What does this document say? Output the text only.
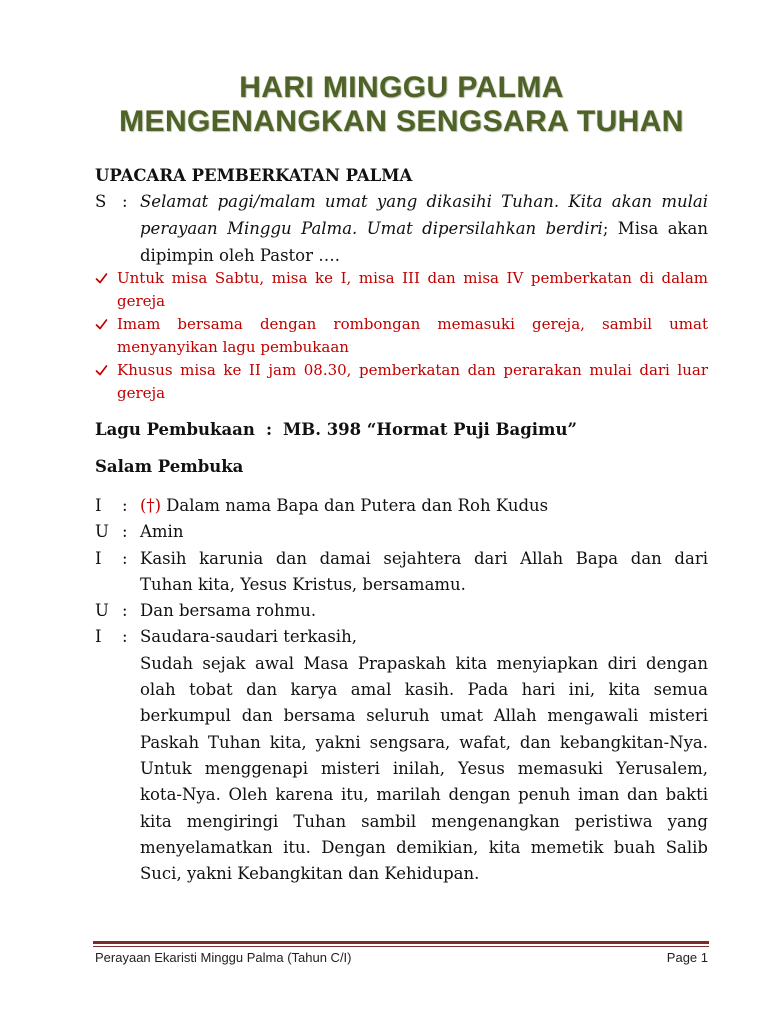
HARI MINGGU PALMA
MENGENANGKAN SENGSARA TUHAN
UPACARA PEMBERKATAN PALMA
S : Selamat pagi/malam umat yang dikasihi Tuhan. Kita akan mulai
perayaan Minggu Palma. Umat dipersilahkan berdiri; Misa akan
dipimpin oleh Pastor ….
Untuk misa Sabtu, misa ke I, misa III dan misa IV pemberkatan di dalam
gereja
Imam bersama dengan rombongan memasuki gereja, sambil umat
menyanyikan lagu pembukaan
Khusus misa ke II jam 08.30, pemberkatan dan perarakan mulai dari luar
gereja
Lagu Pembukaan : MB. 398 “Hormat Puji Bagimu”
Salam Pembuka
I : (†) Dalam nama Bapa dan Putera dan Roh Kudus
U : Amin
I : Kasih karunia dan damai sejahtera dari Allah Bapa dan dari
Tuhan kita, Yesus Kristus, bersamamu.
U : Dan bersama rohmu.
I : Saudara-saudari terkasih,
Sudah sejak awal Masa Prapaskah kita menyiapkan diri dengan
olah tobat dan karya amal kasih. Pada hari ini, kita semua
berkumpul dan bersama seluruh umat Allah mengawali misteri
Paskah Tuhan kita, yakni sengsara, wafat, dan kebangkitan-Nya.
Untuk menggenapi misteri inilah, Yesus memasuki Yerusalem,
kota-Nya. Oleh karena itu, marilah dengan penuh iman dan bakti
kita mengiringi Tuhan sambil mengenangkan peristiwa yang
menyelamatkan itu. Dengan demikian, kita memetik buah Salib
Suci, yakni Kebangkitan dan Kehidupan.
Perayaan Ekaristi Minggu Palma (Tahun C/I)	Page 1
